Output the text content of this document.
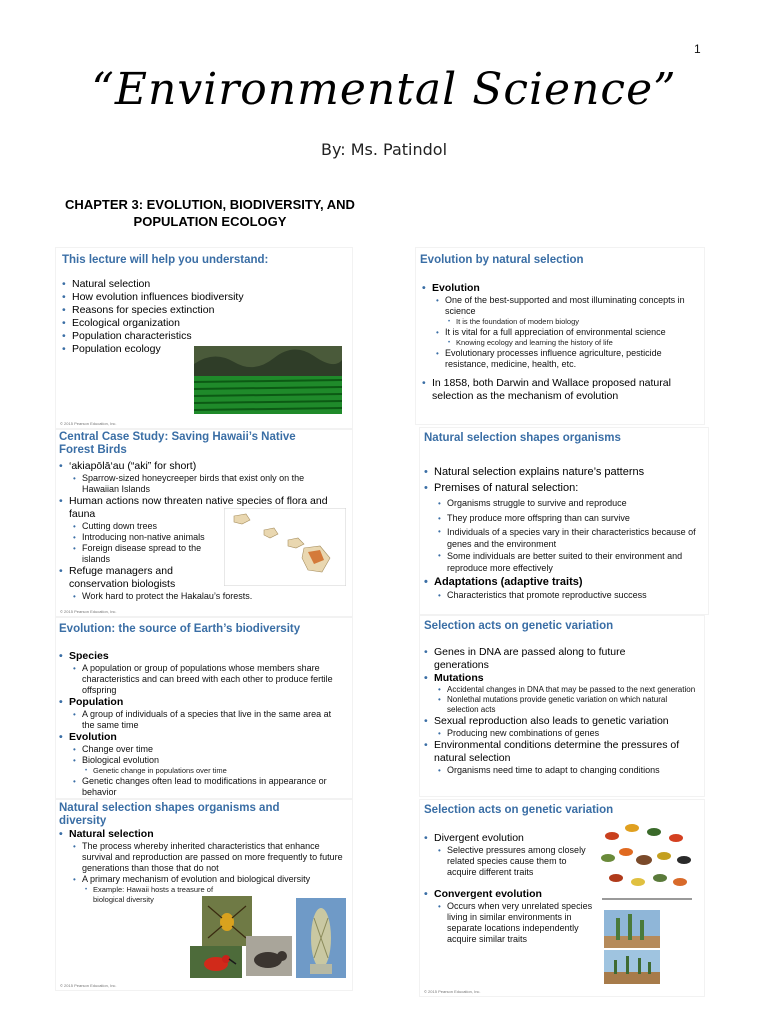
1
“Environmental Science”
By: Ms. Patindol
CHAPTER 3: EVOLUTION, BIODIVERSITY, AND POPULATION ECOLOGY
This lecture will help you understand:
• Natural selection
• How evolution influences biodiversity
• Reasons for species extinction
• Ecological organization
• Population characteristics
• Population ecology
© 2015 Pearson Education, Inc.
Central Case Study: Saving Hawaii’s Native Forest Birds
• ‘akiapōlā‘au (“aki” for short)
• Sparrow-sized honeycreeper birds that exist only on the Hawaiian Islands
• Human actions now threaten native species of flora and fauna
• Cutting down trees
• Introducing non-native animals
• Foreign disease spread to the islands
• Refuge managers and conservation biologists
• Work hard to protect the Hakalau’s forests.
© 2015 Pearson Education, Inc.
Evolution: the source of Earth’s biodiversity
• Species
• A population or group of populations whose members share characteristics and can breed with each other to produce fertile offspring
• Population
• A group of individuals of a species that live in the same area at the same time
• Evolution
• Change over time
• Biological evolution
• Genetic change in populations over time
• Genetic changes often lead to modifications in appearance or behavior
Natural selection shapes organisms and diversity
• Natural selection
• The process whereby inherited characteristics that enhance survival and reproduction are passed on more frequently to future generations than those that do not
• A primary mechanism of evolution and biological diversity
• Example: Hawaii hosts a treasure of biological diversity
© 2015 Pearson Education, Inc.
Evolution by natural selection
• Evolution
• One of the best-supported and most illuminating concepts in science
• It is the foundation of modern biology
• It is vital for a full appreciation of environmental science
• Knowing ecology and learning the history of life
• Evolutionary processes influence agriculture, pesticide resistance, medicine, health, etc.
• In 1858, both Darwin and Wallace proposed natural selection as the mechanism of evolution
Natural selection shapes organisms
• Natural selection explains nature’s patterns
• Premises of natural selection:
• Organisms struggle to survive and reproduce
• They produce more offspring than can survive
• Individuals of a species vary in their characteristics because of genes and the environment
• Some individuals are better suited to their environment and reproduce more effectively
• Adaptations (adaptive traits)
• Characteristics that promote reproductive success
Selection acts on genetic variation
• Genes in DNA are passed along to future generations
• Mutations
• Accidental changes in DNA that may be passed to the next generation
• Nonlethal mutations provide genetic variation on which natural selection acts
• Sexual reproduction also leads to genetic variation
• Producing new combinations of genes
• Environmental conditions determine the pressures of natural selection
• Organisms need time to adapt to changing conditions
Selection acts on genetic variation
• Divergent evolution
• Selective pressures among closely related species cause them to acquire different traits
• Convergent evolution
• Occurs when very unrelated species living in similar environments in separate locations independently acquire similar traits
© 2015 Pearson Education, Inc.
